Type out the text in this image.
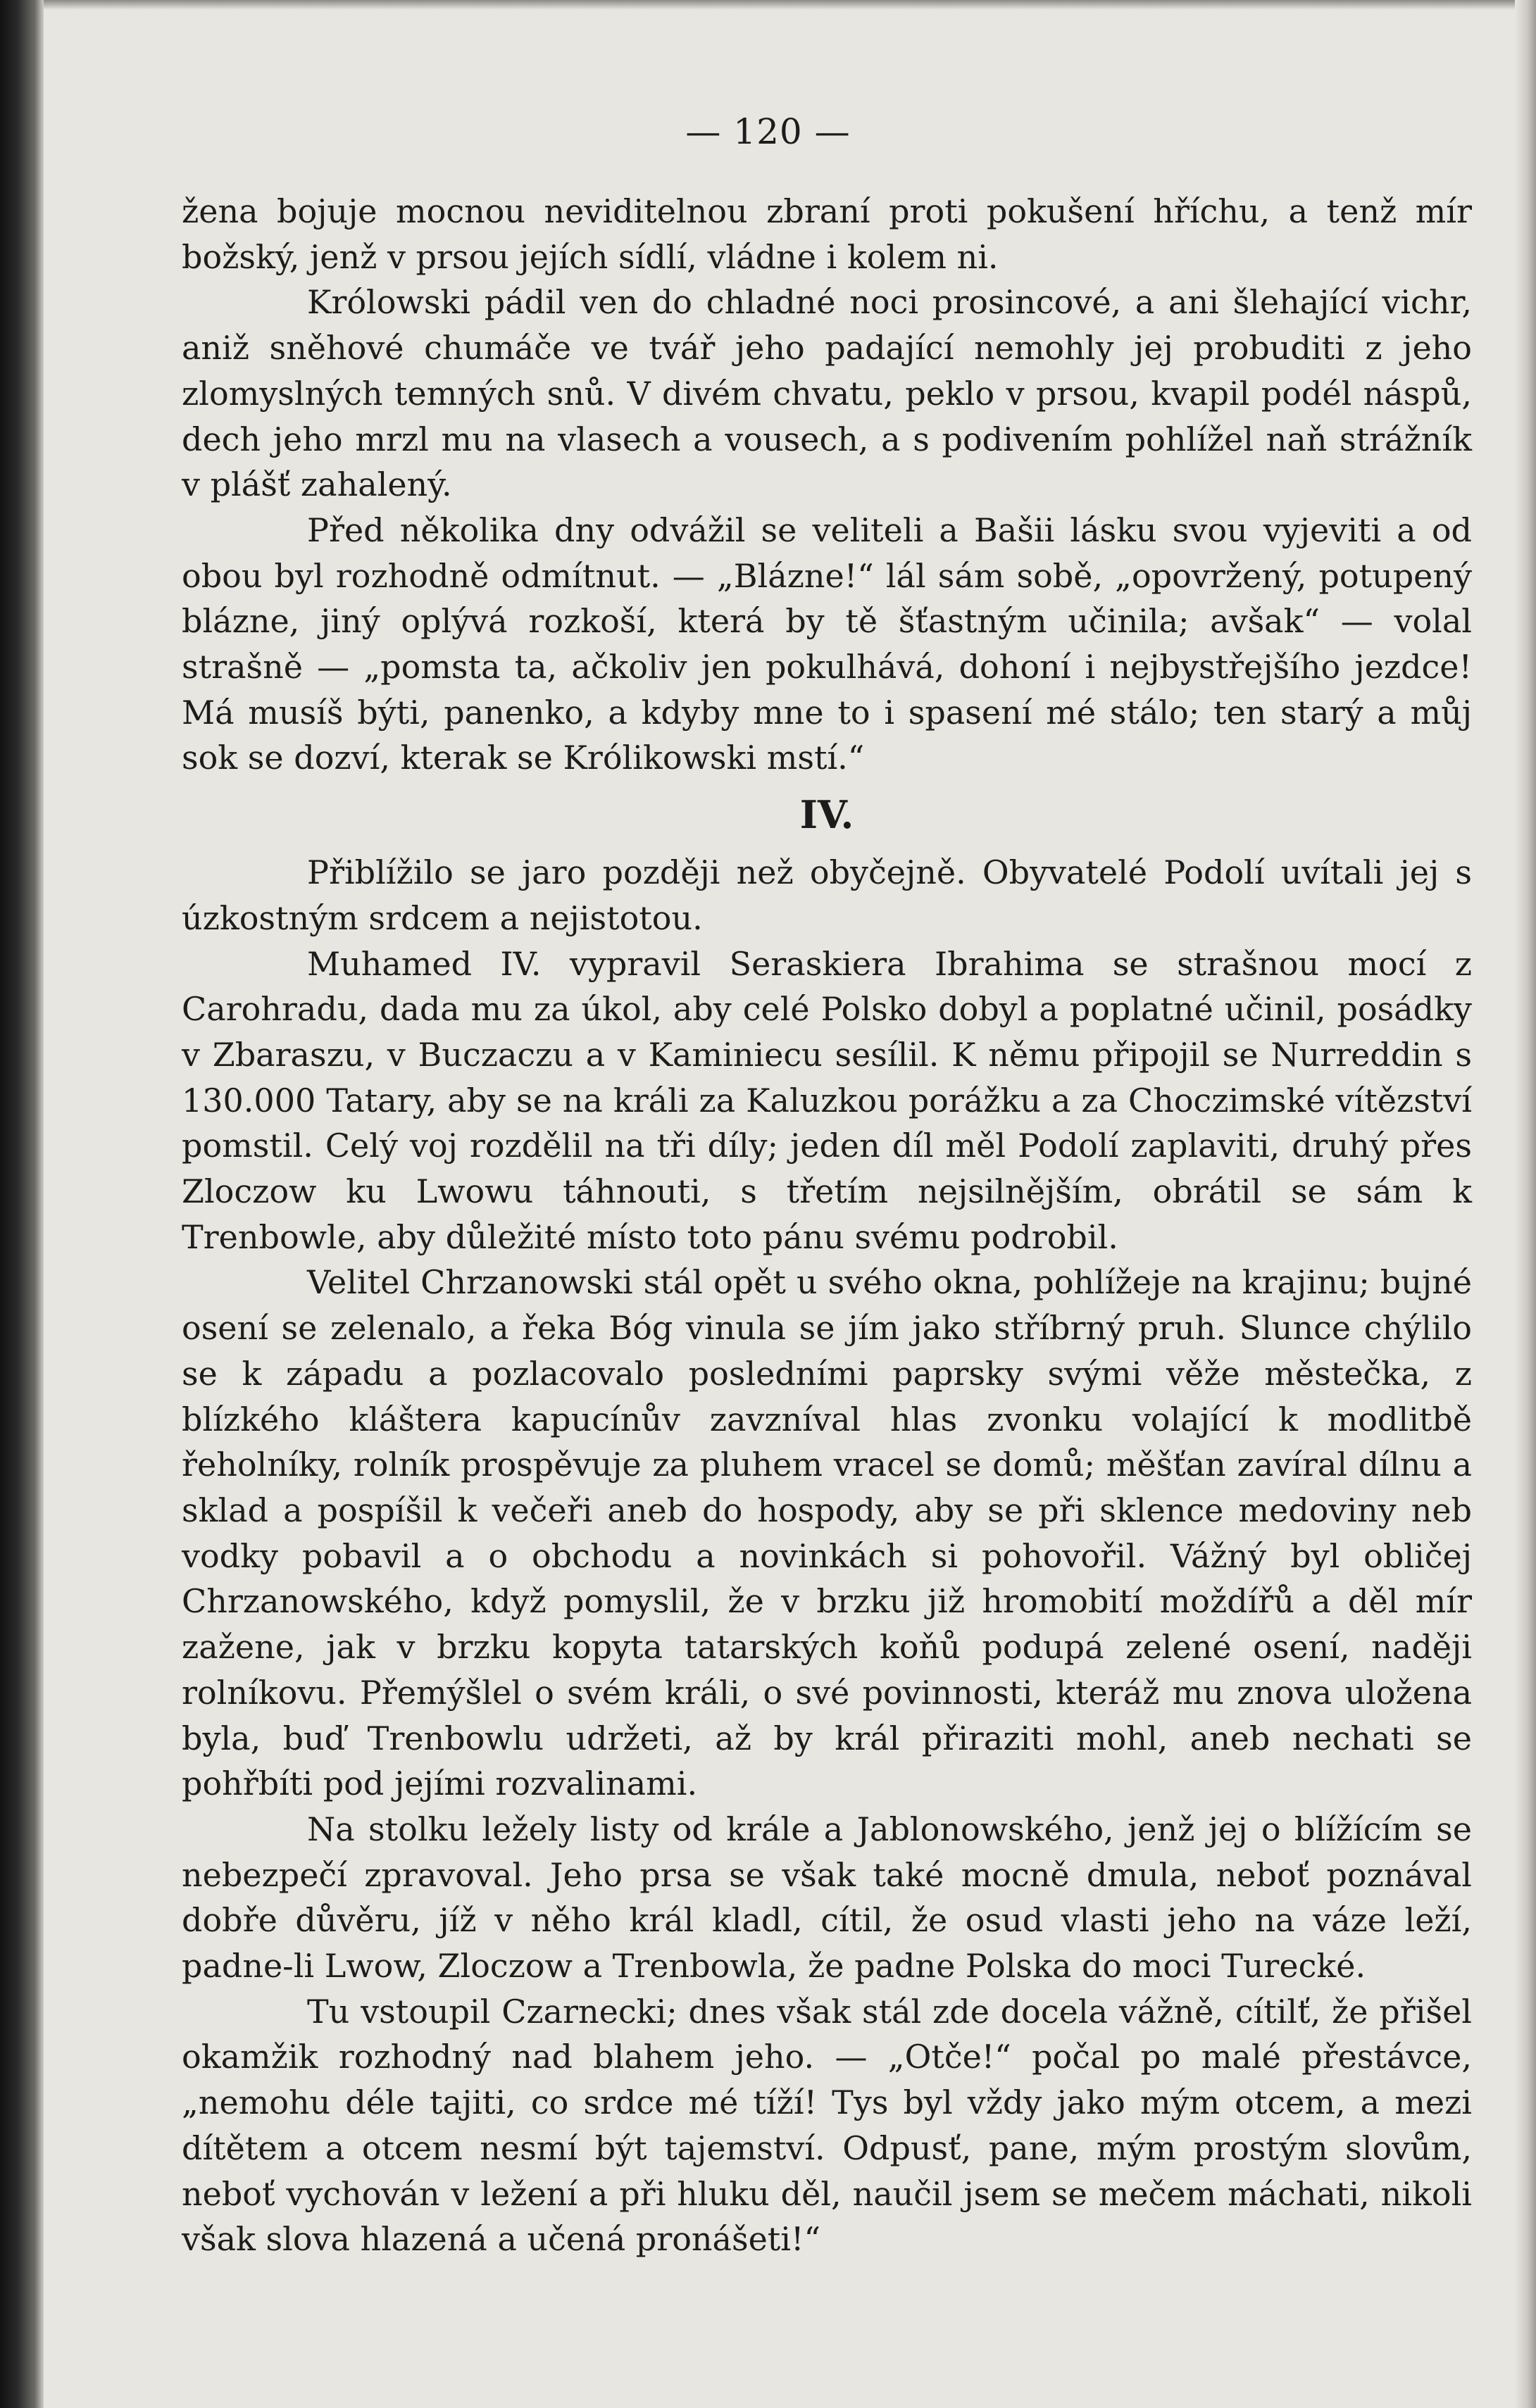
— 120 —

žena bojuje mocnou neviditelnou zbraní proti pokušení hříchu, a tenž mír božský, jenž v prsou jejích sídlí, vládne i kolem ni.

Królowski pádil ven do chladné noci prosincové, a ani šlehající vichr, aniž sněhové chumáče ve tvář jeho padající nemohly jej probuditi z jeho zlomyslných temných snů. V divém chvatu, peklo v prsou, kvapil podél náspů, dech jeho mrzl mu na vlasech a vousech, a s podivením pohlížel naň strážník v plášť zahalený.

Před několika dny odvážil se veliteli a Bašii lásku svou vyjeviti a od obou byl rozhodně odmítnut. — „Blázne!“ lál sám sobě, „opovržený, potupený blázne, jiný oplývá rozkoší, která by tě šťastným učinila; avšak“ — volal strašně — „pomsta ta, ačkoliv jen pokulhává, dohoní i nejbystřejšího jezdce! Má musíš býti, panenko, a kdyby mne to i spasení mé stálo; ten starý a můj sok se dozví, kterak se Królikowski mstí.“

IV.

Přiblížilo se jaro později než obyčejně. Obyvatelé Podolí uvítali jej s úzkostným srdcem a nejistotou.

Muhamed IV. vypravil Seraskiera Ibrahima se strašnou mocí z Carohradu, dada mu za úkol, aby celé Polsko dobyl a poplatné učinil, posádky v Zbaraszu, v Buczaczu a v Kaminiecu sesílil. K němu připojil se Nurreddin s 130.000 Tatary, aby se na králi za Kaluzkou porážku a za Choczimské vítězství pomstil. Celý voj rozdělil na tři díly; jeden díl měl Podolí zaplaviti, druhý přes Zloczow ku Lwowu táhnouti, s třetím nejsilnějším, obrátil se sám k Trenbowle, aby důležité místo toto pánu svému podrobil.

Velitel Chrzanowski stál opět u svého okna, pohlížeje na krajinu; bujné osení se zelenalo, a řeka Bóg vinula se jím jako stříbrný pruh. Slunce chýlilo se k západu a pozlacovalo posledními paprsky svými věže městečka, z blízkého kláštera kapucínův zavzníval hlas zvonku volající k modlitbě řeholníky, rolník prospěvuje za pluhem vracel se domů; měšťan zavíral dílnu a sklad a pospíšil k večeři aneb do hospody, aby se při sklence medoviny neb vodky pobavil a o obchodu a novinkách si pohovořil. Vážný byl obličej Chrzanowského, když pomyslil, že v brzku již hromobití moždířů a děl mír zažene, jak v brzku kopyta tatarských koňů podupá zelené osení, naději rolníkovu. Přemýšlel o svém králi, o své povinnosti, kteráž mu znova uložena byla, buď Trenbowlu udržeti, až by král přiraziti mohl, aneb nechati se pohřbíti pod jejími rozvalinami.

Na stolku ležely listy od krále a Jablonowského, jenž jej o blížícím se nebezpečí zpravoval. Jeho prsa se však také mocně dmula, neboť poznával dobře důvěru, jíž v něho král kladl, cítil, že osud vlasti jeho na váze leží, padne-li Lwow, Zloczow a Trenbowla, že padne Polska do moci Turecké.

Tu vstoupil Czarnecki; dnes však stál zde docela vážně, cítilť, že přišel okamžik rozhodný nad blahem jeho. — „Otče!“ počal po malé přestávce, „nemohu déle tajiti, co srdce mé tíží! Tys byl vždy jako mým otcem, a mezi dítětem a otcem nesmí být tajemství. Odpusť, pane, mým prostým slovům, neboť vychován v ležení a při hluku děl, naučil jsem se mečem máchati, nikoli však slova hlazená a učená pronášeti!“
